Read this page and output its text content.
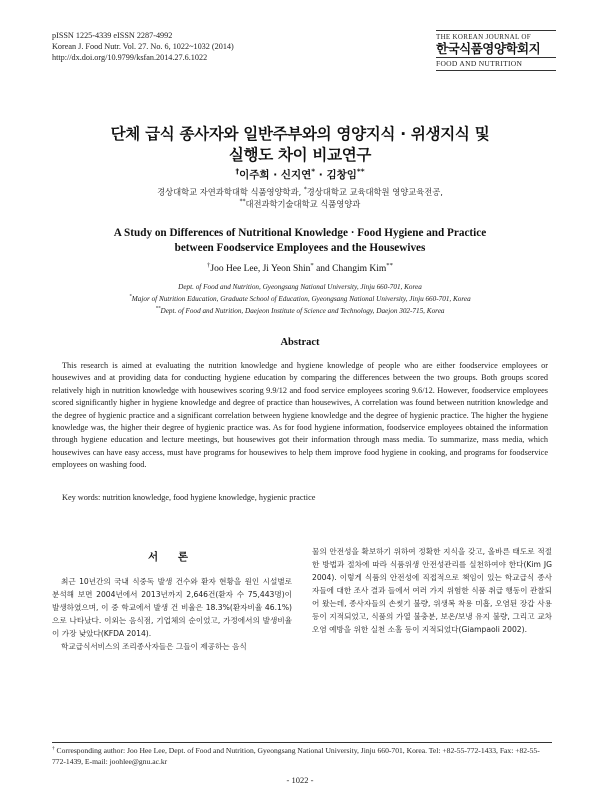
pISSN 1225-4339 eISSN 2287-4992
Korean J. Food Nutr. Vol. 27. No. 6, 1022~1032 (2014)
http://dx.doi.org/10.9799/ksfan.2014.27.6.1022
THE KOREAN JOURNAL OF
한국식품영양학회지
FOOD AND NUTRITION
단체 급식 종사자와 일반주부와의 영양지식 · 위생지식 및
실행도 차이 비교연구
†이주희 · 신지연* · 김창임**
경상대학교 자연과학대학 식품영양학과, *경상대학교 교육대학원 영양교육전공,
**대전과학기술대학교 식품영양과
A Study on Differences of Nutritional Knowledge · Food Hygiene and Practice
between Foodservice Employees and the Housewives
†Joo Hee Lee, Ji Yeon Shin* and Changim Kim**
Dept. of Food and Nutrition, Gyeongsang National University, Jinju 660-701, Korea
*Major of Nutrition Education, Graduate School of Education, Gyeongsang National University, Jinju 660-701, Korea
**Dept. of Food and Nutrition, Daejeon Institute of Science and Technology, Daejon 302-715, Korea
Abstract
This research is aimed at evaluating the nutrition knowledge and hygiene knowledge of people who are either foodservice employees or housewives and at providing data for conducting hygiene education by comparing the differences between the two groups. Both groups scored relatively high in nutrition knowledge with housewives scoring 9.9/12 and food service employees scoring 9.6/12. However, foodservice employees scored significantly higher in hygiene knowledge and degree of practice than housewives, A correlation was found between nutrition knowledge and the degree of hygienic practice and a significant correlation between hygiene knowledge and the degree of hygienic practice. The higher the hygiene knowledge was, the higher their degree of hygienic practice was. As for food hygiene information, foodservice employees obtained the information through hygiene education and lecture meetings, but housewives got their information through mass media. To summarize, mass media, which housewives can have easy access, must have programs for housewives to help them improve food hygiene in cooking, and programs for foodservice employees on washing food.
Key words: nutrition knowledge, food hygiene knowledge, hygienic practice
서 론

최근 10년간의 국내 식중독 발생 건수와 환자 현황을 원인 시설별로 분석해 보면 2004년에서 2013년까지 2,646건(환자 수 75,443명)이 발생하였으며, 이 중 학교에서 발생 건 비율은 18.3%(환자비율 46.1%)으로 나타났다. 이외는 음식점, 기업체의 순이었고, 가정에서의 발생비율이 가장 낮았다(KFDA 2014).

학교급식서비스의 조리종사자들은 그들이 제공하는 음식

물의 안전성을 확보하기 위하여 정확한 지식을 갖고, 올바른 태도로 적절한 방법과 절차에 따라 식품위생 안전성관리를 실천하여야 한다(Kim JG 2004). 이렇게 식품의 안전성에 직접적으로 책임이 있는 학교급식 종사자들에 대한 조사 결과 들에서 여러 가지 위험한 식품 취급 행동이 관찰되어 왔는데, 종사자들의 손씻기 불량, 위생복 착용 미흡, 오염된 장갑 사용 등이 지적되었고, 식품의 가열 불충분, 보온/보냉 유지 불량, 그리고 교차오염 예방을 위한 실천 소홀 등이 지적되었다(Giampaoli 2002).

† Corresponding author: Joo Hee Lee, Dept. of Food and Nutrition, Gyeongsang National University, Jinju 660-701, Korea. Tel: +82-55-772-1433, Fax: +82-55-772-1439, E-mail: joohlee@gnu.ac.kr
- 1022 -
